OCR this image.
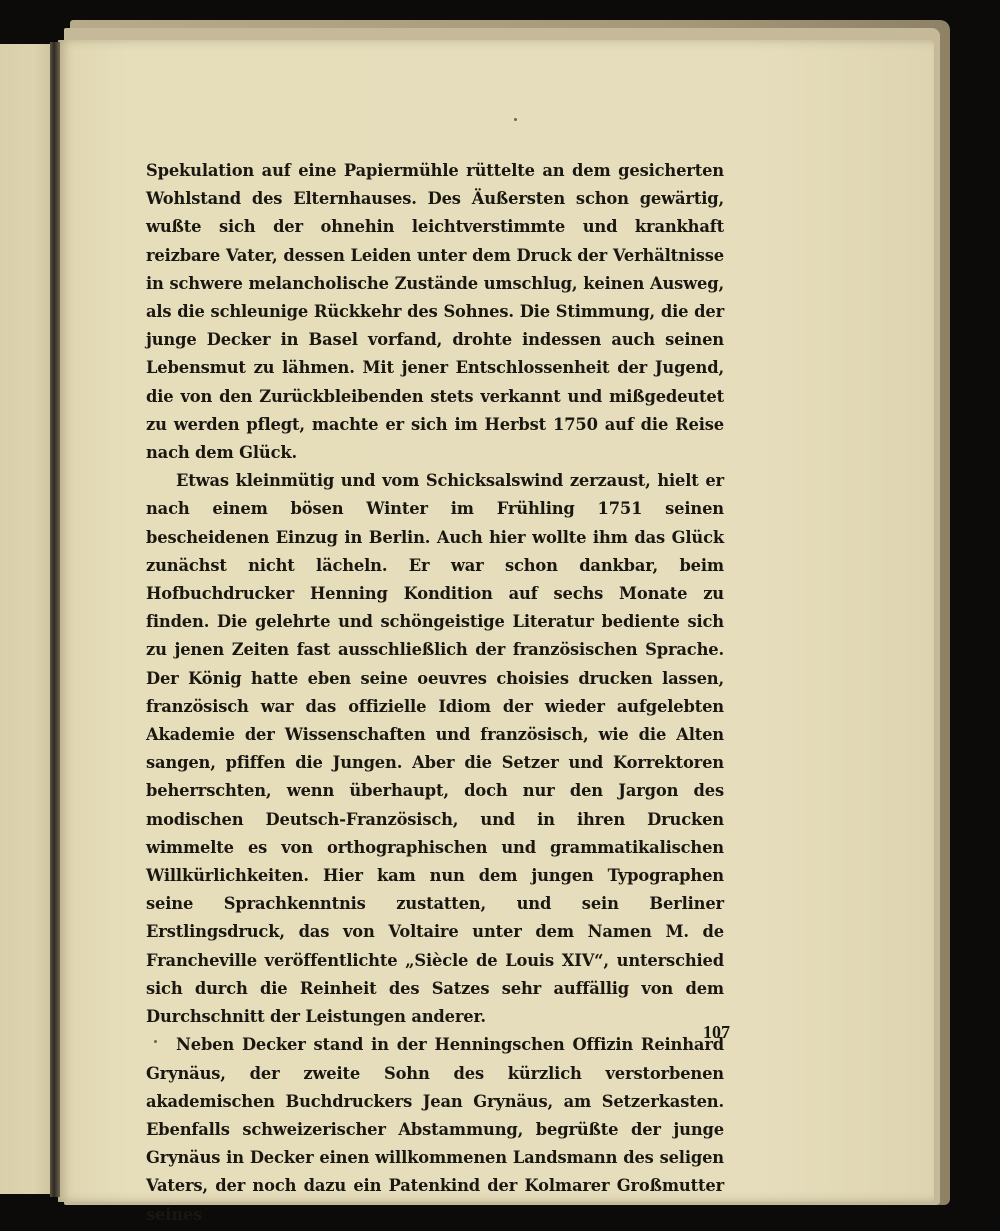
Spekulation auf eine Papiermühle rüttelte an dem gesicherten Wohlstand des Elternhauses. Des Äußersten schon gewärtig, wußte sich der ohnehin leichtverstimmte und krankhaft reizbare Vater, dessen Leiden unter dem Druck der Verhältnisse in schwere melancholische Zustände umschlug, keinen Ausweg, als die schleunige Rückkehr des Sohnes. Die Stimmung, die der junge Decker in Basel vorfand, drohte indessen auch seinen Lebensmut zu lähmen. Mit jener Entschlossenheit der Jugend, die von den Zurückbleibenden stets verkannt und mißgedeutet zu werden pflegt, machte er sich im Herbst 1750 auf die Reise nach dem Glück.

Etwas kleinmütig und vom Schicksalswind zerzaust, hielt er nach einem bösen Winter im Frühling 1751 seinen bescheidenen Einzug in Berlin. Auch hier wollte ihm das Glück zunächst nicht lächeln. Er war schon dankbar, beim Hofbuchdrucker Henning Kondition auf sechs Monate zu finden. Die gelehrte und schöngeistige Literatur bediente sich zu jenen Zeiten fast ausschließlich der französischen Sprache. Der König hatte eben seine oeuvres choisies drucken lassen, französisch war das offizielle Idiom der wieder aufgelebten Akademie der Wissenschaften und französisch, wie die Alten sangen, pfiffen die Jungen. Aber die Setzer und Korrektoren beherrschten, wenn überhaupt, doch nur den Jargon des modischen Deutsch-Französisch, und in ihren Drucken wimmelte es von orthographischen und grammatikalischen Willkürlichkeiten. Hier kam nun dem jungen Typographen seine Sprachkenntnis zustatten, und sein Berliner Erstlingsdruck, das von Voltaire unter dem Namen M. de Francheville veröffentlichte „Siècle de Louis XIV“, unterschied sich durch die Reinheit des Satzes sehr auffällig von dem Durchschnitt der Leistungen anderer.

Neben Decker stand in der Henningschen Offizin Reinhard Grynäus, der zweite Sohn des kürzlich verstorbenen akademischen Buchdruckers Jean Grynäus, am Setzerkasten. Ebenfalls schweizerischer Abstammung, begrüßte der junge Grynäus in Decker einen willkommenen Landsmann des seligen Vaters, der noch dazu ein Patenkind der Kolmarer Großmutter seines

107
